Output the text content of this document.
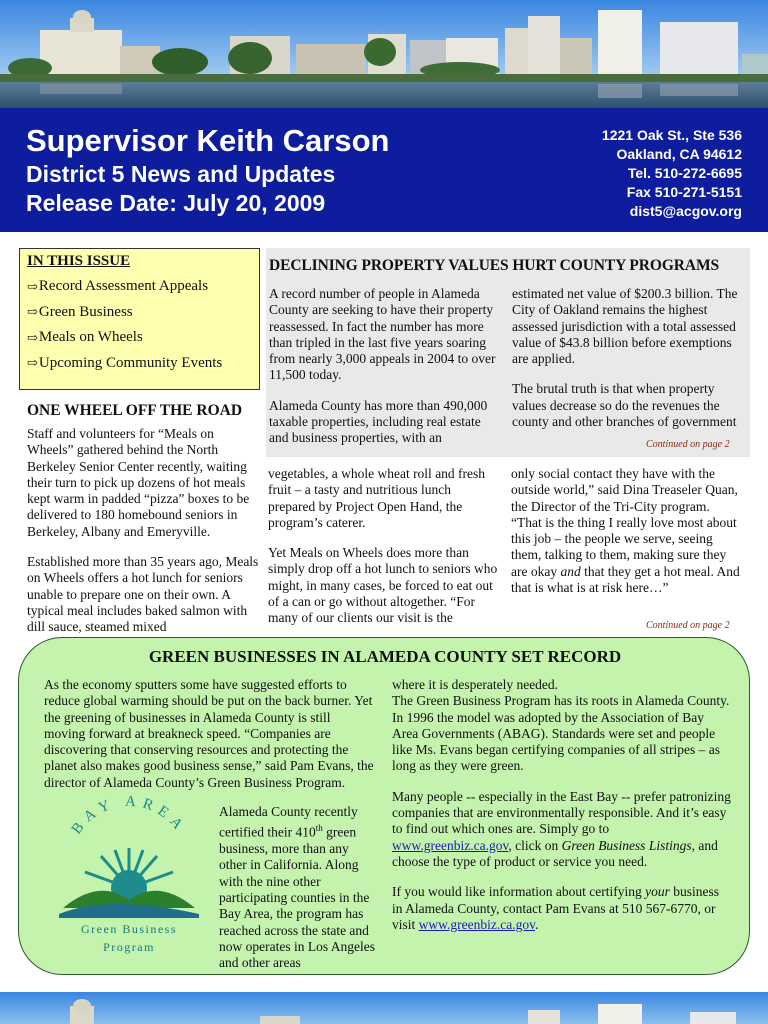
Supervisor Keith Carson
District 5 News and Updates
Release Date: July 20, 2009
1221 Oak St., Ste 536
Oakland, CA 94612
Tel. 510-272-6695
Fax 510-271-5151
dist5@acgov.org
IN THIS ISSUE
⇨ Record Assessment Appeals
⇨ Green Business
⇨ Meals on Wheels
⇨ Upcoming Community Events
DECLINING PROPERTY VALUES HURT COUNTY PROGRAMS

A record number of people in Alameda County are seeking to have their property reassessed. In fact the number has more than tripled in the last five years soaring from nearly 3,000 appeals in 2004 to over 11,500 today.

Alameda County has more than 490,000 taxable properties, including real estate and business properties, with an

estimated net value of $200.3 billion. The City of Oakland remains the highest assessed jurisdiction with a total assessed value of $43.8 billion before exemptions are applied.

The brutal truth is that when property values decrease so do the revenues the county and other branches of government

Continued on page 2
ONE WHEEL OFF THE ROAD

Staff and volunteers for “Meals on Wheels” gathered behind the North Berkeley Senior Center recently, waiting their turn to pick up dozens of hot meals kept warm in padded “pizza” boxes to be delivered to 180 homebound seniors in Berkeley, Albany and Emeryville.

Established more than 35 years ago, Meals on Wheels offers a hot lunch for seniors unable to prepare one on their own. A typical meal includes baked salmon with dill sauce, steamed mixed

vegetables, a whole wheat roll and fresh fruit – a tasty and nutritious lunch prepared by Project Open Hand, the program’s caterer.

Yet Meals on Wheels does more than simply drop off a hot lunch to seniors who might, in many cases, be forced to eat out of a can or go without altogether. “For many of our clients our visit is the

only social contact they have with the outside world,” said Dina Treaseler Quan, the Director of the Tri-City program. “That is the thing I really love most about this job – the people we serve, seeing them, talking to them, making sure they are okay and that they get a hot meal. And that is what is at risk here…”

Continued on page 2
GREEN BUSINESSES IN ALAMEDA COUNTY SET RECORD

As the economy sputters some have suggested efforts to reduce global warming should be put on the back burner. Yet the greening of businesses in Alameda County is still moving forward at breakneck speed. “Companies are discovering that conserving resources and protecting the planet also makes good business sense,” said Pam Evans, the director of Alameda County’s Green Business Program.

BAY AREA
Green Business
Program

Alameda County recently certified their 410th green business, more than any other in California. Along with the nine other participating counties in the Bay Area, the program has reached across the state and now operates in Los Angeles and other areas

where it is desperately needed.

The Green Business Program has its roots in Alameda County. In 1996 the model was adopted by the Association of Bay Area Governments (ABAG). Standards were set and people like Ms. Evans began certifying companies of all stripes – as long as they were green.

Many people -- especially in the East Bay -- prefer patronizing companies that are environmentally responsible. And it’s easy to find out which ones are. Simply go to www.greenbiz.ca.gov, click on Green Business Listings, and choose the type of product or service you need.

If you would like information about certifying your business in Alameda County, contact Pam Evans at 510 567-6770, or visit www.greenbiz.ca.gov.
